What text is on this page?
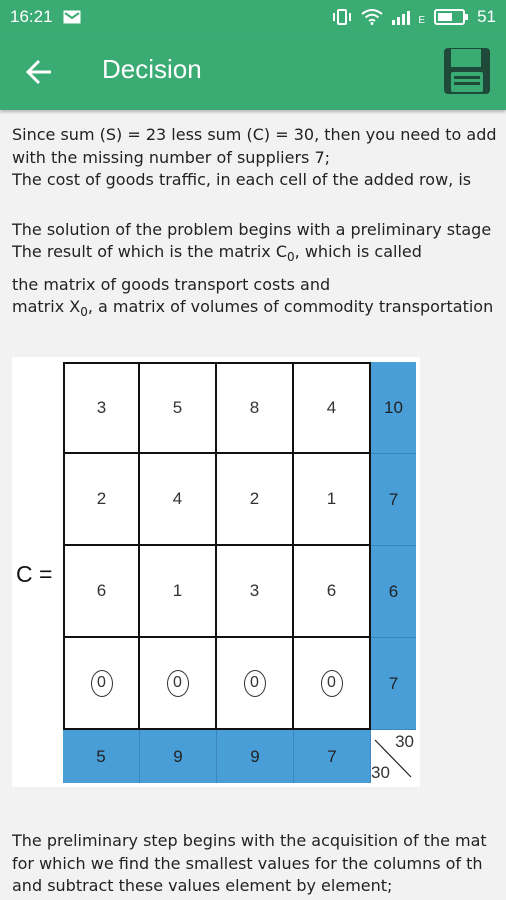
16:21	E	51
Decision

Since sum (S) = 23 less sum (C) = 30, then you need to add

with the missing number of suppliers 7;

The cost of goods traffic, in each cell of the added row, is

The solution of the problem begins with a preliminary stage

The result of which is the matrix $C_0$, which is called

the matrix of goods transport costs and

matrix $X_0$, a matrix of volumes of commodity transportation

C =
3	5	8	4	10
2	4	2	1	7
6	1	3	6	6
0	0	0	0	7
5	9	9	7
30
30

The preliminary step begins with the acquisition of the mat

for which we find the smallest values for the columns of th

and subtract these values element by element;
